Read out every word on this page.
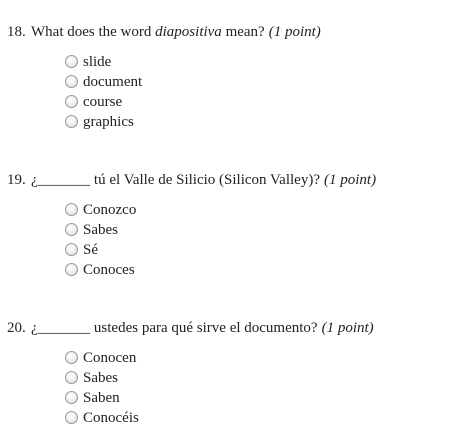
18. What does the word diapositiva mean? (1 point)
slide
document
course
graphics
19. ¿_______ tú el Valle de Silicio (Silicon Valley)? (1 point)
Conozco
Sabes
Sé
Conoces
20. ¿_______ ustedes para qué sirve el documento? (1 point)
Conocen
Sabes
Saben
Conocéis
